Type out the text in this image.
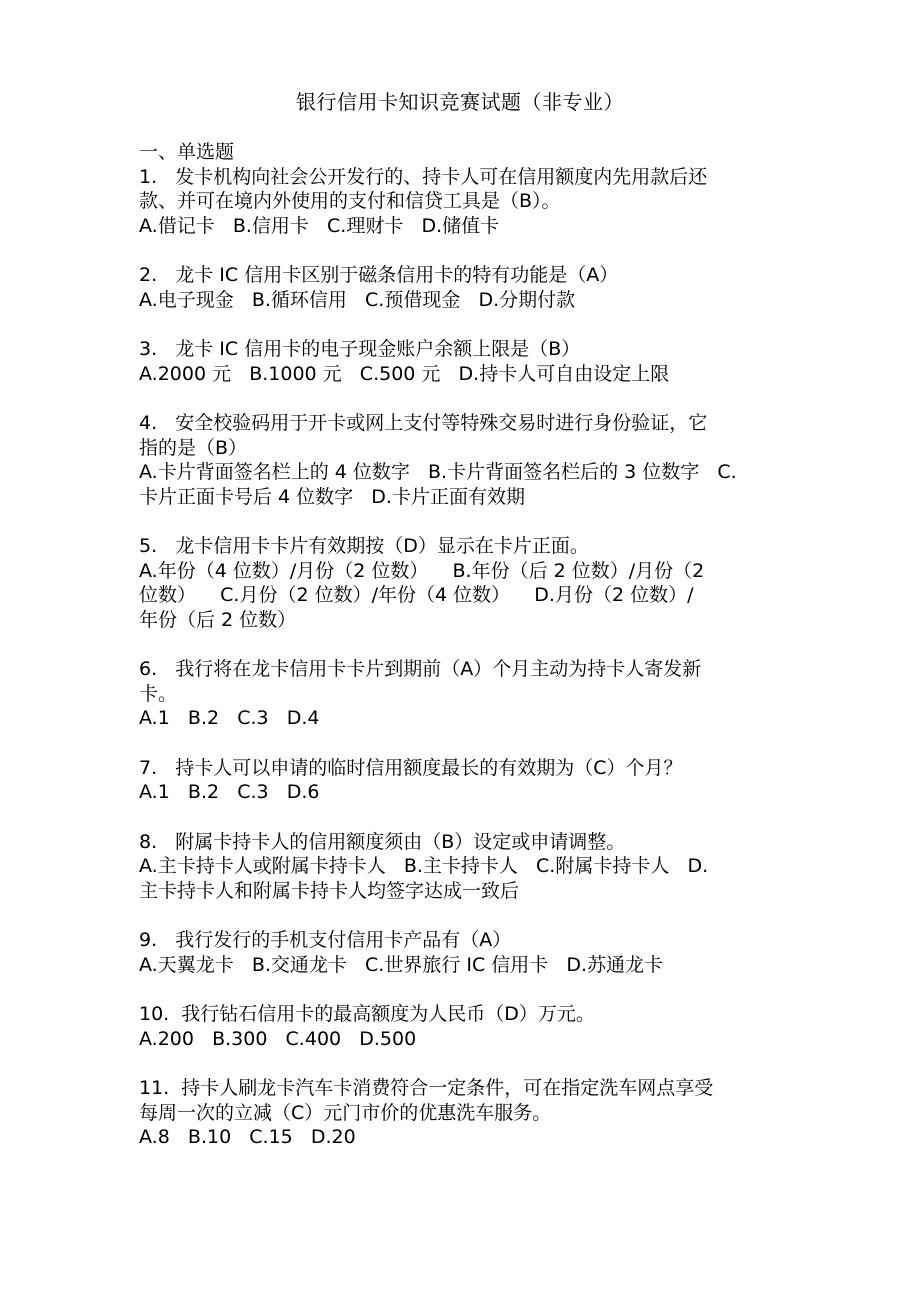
银行信用卡知识竞赛试题（非专业）
一、单选题
1.   发卡机构向社会公开发行的、持卡人可在信用额度内先用款后还
款、并可在境内外使用的支付和信贷工具是（B）。
A.借记卡   B.信用卡   C.理财卡   D.储值卡
2.   龙卡 IC 信用卡区别于磁条信用卡的特有功能是（A）
A.电子现金   B.循环信用   C.预借现金   D.分期付款
3.   龙卡 IC 信用卡的电子现金账户余额上限是（B）
A.2000 元   B.1000 元   C.500 元   D.持卡人可自由设定上限
4.   安全校验码用于开卡或网上支付等特殊交易时进行身份验证，它
指的是（B）
A.卡片背面签名栏上的 4 位数字   B.卡片背面签名栏后的 3 位数字   C.
卡片正面卡号后 4 位数字   D.卡片正面有效期
5.   龙卡信用卡卡片有效期按（D）显示在卡片正面。
A.年份（4 位数）/月份（2 位数）    B.年份（后 2 位数）/月份（2
位数）    C.月份（2 位数）/年份（4 位数）    D.月份（2 位数）/
年份（后 2 位数）
6.   我行将在龙卡信用卡卡片到期前（A）个月主动为持卡人寄发新
卡。
A.1   B.2   C.3   D.4
7.   持卡人可以申请的临时信用额度最长的有效期为（C）个月？
A.1   B.2   C.3   D.6
8.   附属卡持卡人的信用额度须由（B）设定或申请调整。
A.主卡持卡人或附属卡持卡人   B.主卡持卡人   C.附属卡持卡人   D.
主卡持卡人和附属卡持卡人均签字达成一致后
9.   我行发行的手机支付信用卡产品有（A）
A.天翼龙卡   B.交通龙卡   C.世界旅行 IC 信用卡   D.苏通龙卡
10.  我行钻石信用卡的最高额度为人民币（D）万元。
A.200   B.300   C.400   D.500
11.  持卡人刷龙卡汽车卡消费符合一定条件，可在指定洗车网点享受
每周一次的立减（C）元门市价的优惠洗车服务。
A.8   B.10   C.15   D.20
